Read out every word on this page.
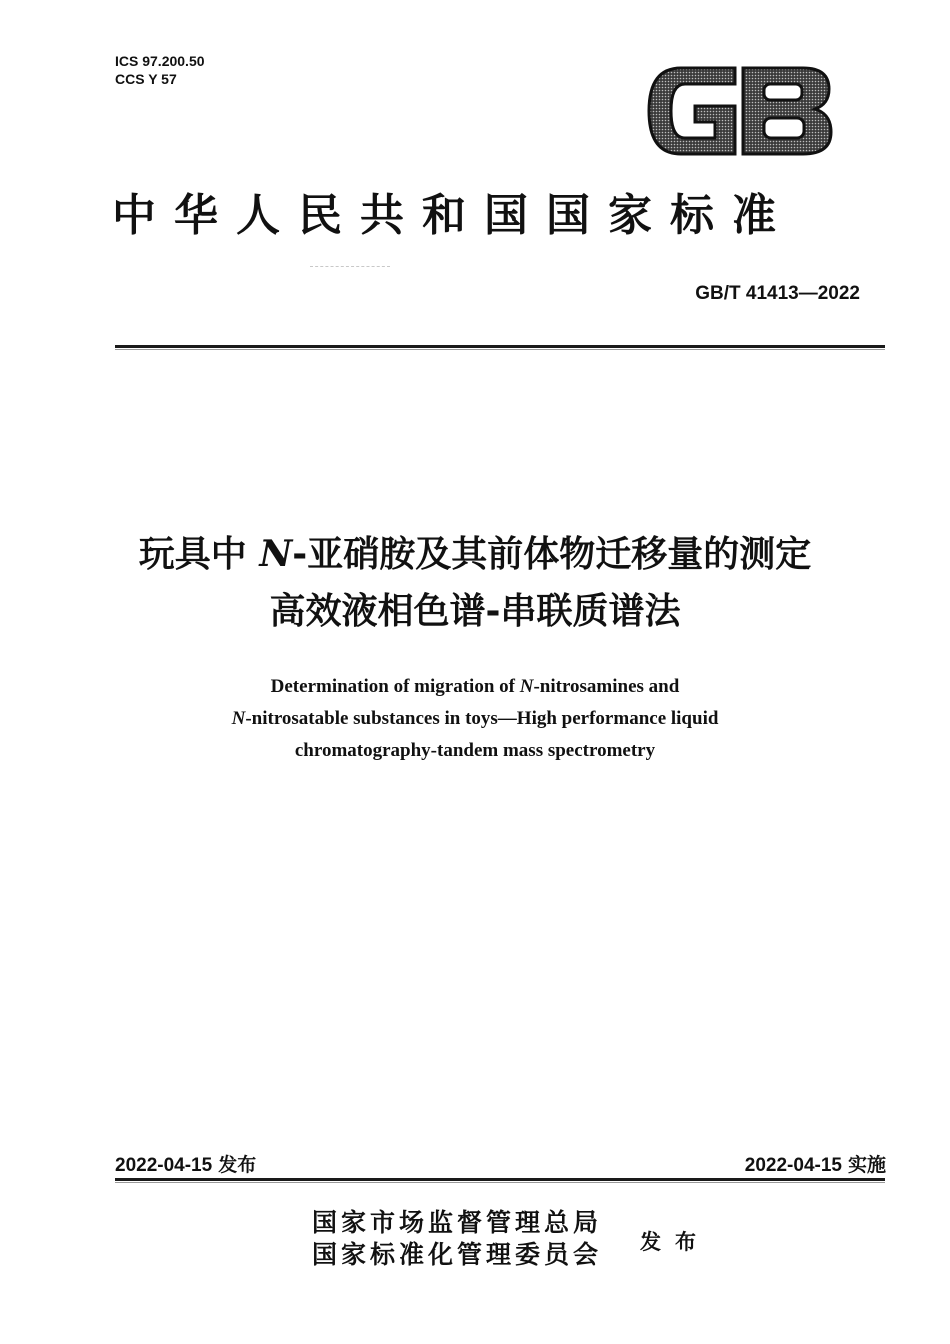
ICS 97.200.50
CCS Y 57
中华人民共和国国家标准
GB/T 41413—2022
玩具中 N-亚硝胺及其前体物迁移量的测定
高效液相色谱-串联质谱法
Determination of migration of N-nitrosamines and
N-nitrosatable substances in toys—High performance liquid
chromatography-tandem mass spectrometry
2022-04-15 发布	2022-04-15 实施
国家市场监督管理总局
国家标准化管理委员会 发布
